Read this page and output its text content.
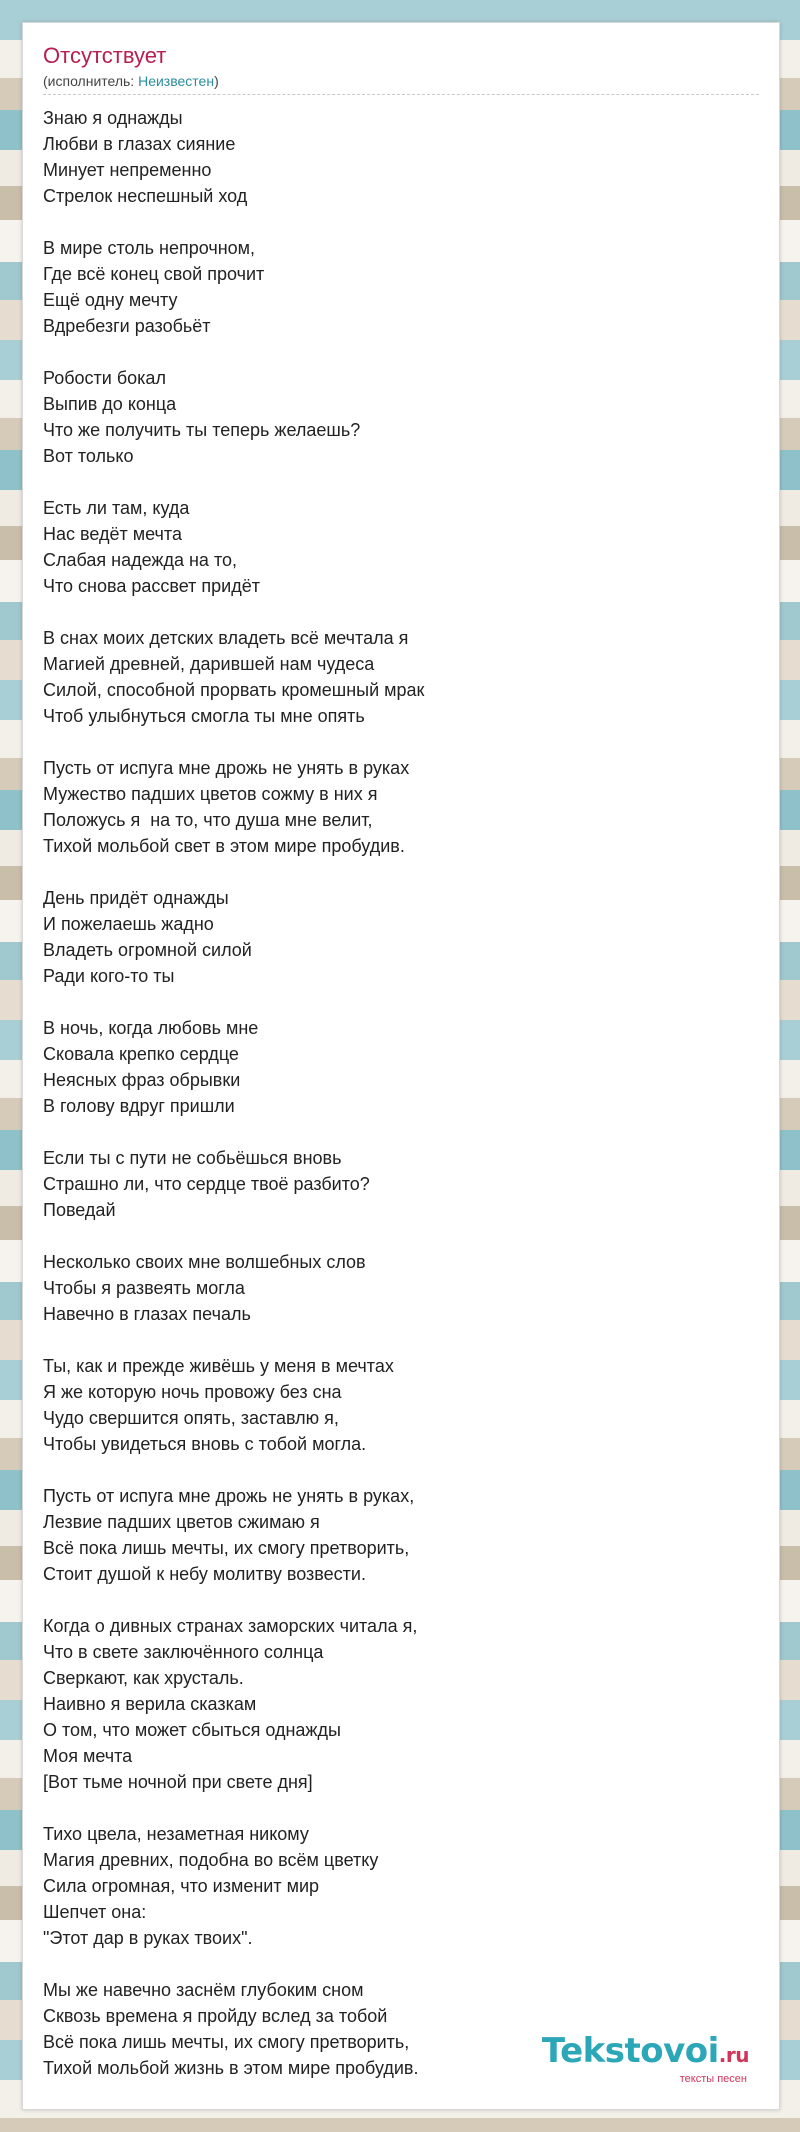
Отсутствует
(исполнитель: Неизвестен)
Знаю я однажды
Любви в глазах сияние
Минует непременно
Стрелок неспешный ход
В мире столь непрочном,
Где всё конец свой прочит
Ещё одну мечту
Вдребезги разобьёт
Робости бокал
Выпив до конца
Что же получить ты теперь желаешь?
Вот только
Есть ли там, куда
Нас ведёт мечта
Слабая надежда на то,
Что снова рассвет придёт
В снах моих детских владеть всё мечтала я
Магией древней, дарившей нам чудеса
Силой, способной прорвать кромешный мрак
Чтоб улыбнуться смогла ты мне опять
Пусть от испуга мне дрожь не унять в руках
Мужество падших цветов сожму в них я
Положусь я  на то, что душа мне велит,
Тихой мольбой свет в этом мире пробудив.
День придёт однажды
И пожелаешь жадно
Владеть огромной силой
Ради кого-то ты
В ночь, когда любовь мне
Сковала крепко сердце
Неясных фраз обрывки
В голову вдруг пришли
Если ты с пути не собьёшься вновь
Страшно ли, что сердце твоё разбито?
Поведай
Несколько своих мне волшебных слов
Чтобы я развеять могла
Навечно в глазах печаль
Ты, как и прежде живёшь у меня в мечтах
Я же которую ночь провожу без сна
Чудо свершится опять, заставлю я,
Чтобы увидеться вновь с тобой могла.
Пусть от испуга мне дрожь не унять в руках,
Лезвие падших цветов сжимаю я
Всё пока лишь мечты, их смогу претворить,
Стоит душой к небу молитву возвести.
Когда о дивных странах заморских читала я,
Что в свете заключённого солнца
Сверкают, как хрусталь.
Наивно я верила сказкам
О том, что может сбыться однажды
Моя мечта
[Вот тьме ночной при свете дня]
Тихо цвела, незаметная никому
Магия древних, подобна во всём цветку
Сила огромная, что изменит мир
Шепчет она:
"Этот дар в руках твоих".
Мы же навечно заснём глубоким сном
Сквозь времена я пройду вслед за тобой
Всё пока лишь мечты, их смогу претворить,
Тихой мольбой жизнь в этом мире пробудив.	Tekstovoi.ru
тексты песен
